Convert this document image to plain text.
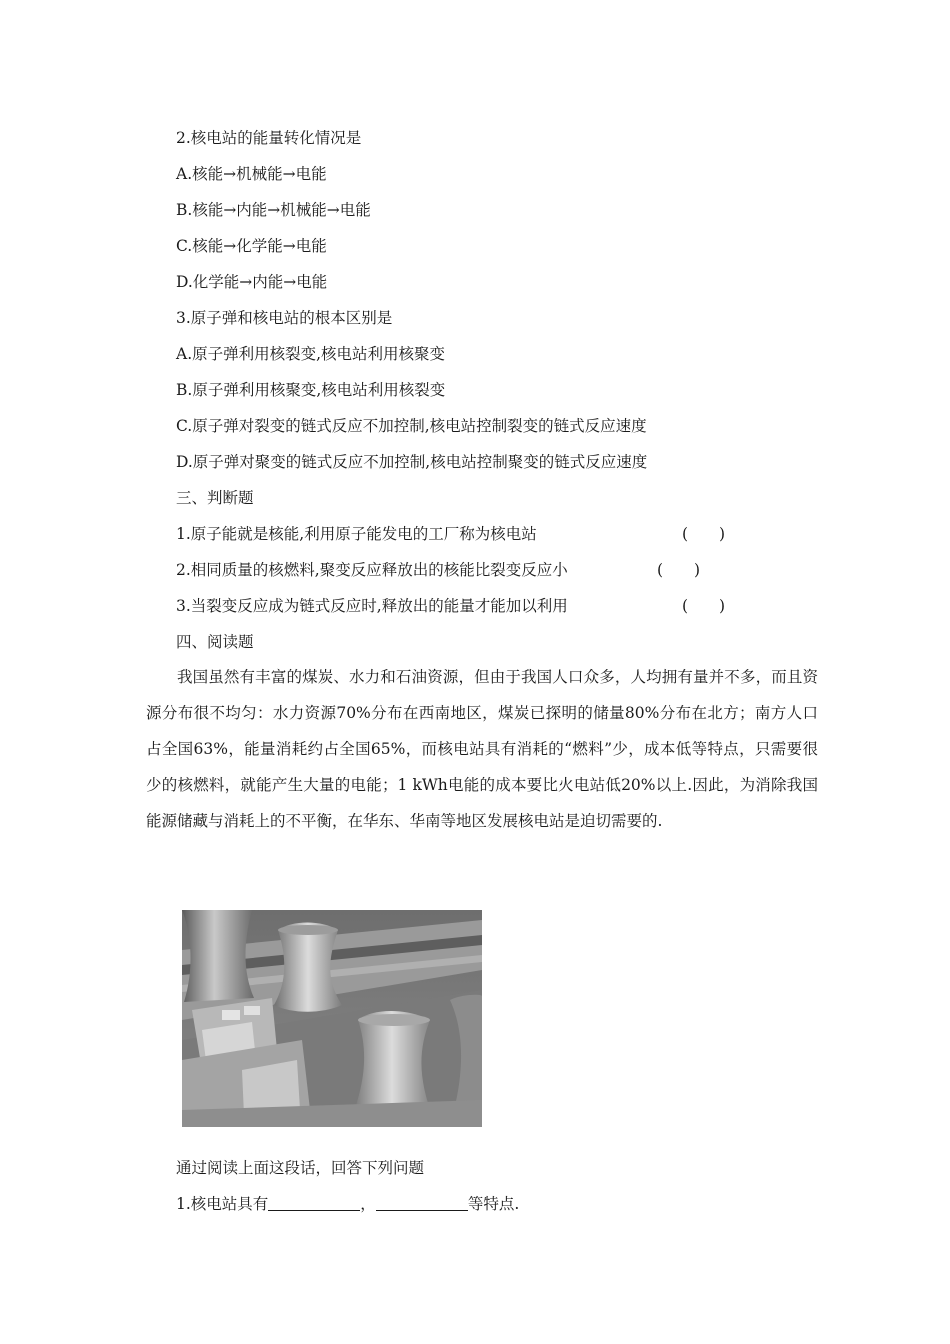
2.核电站的能量转化情况是
A.核能→机械能→电能
B.核能→内能→机械能→电能
C.核能→化学能→电能
D.化学能→内能→电能
3.原子弹和核电站的根本区别是
A.原子弹利用核裂变,核电站利用核聚变
B.原子弹利用核聚变,核电站利用核裂变
C.原子弹对裂变的链式反应不加控制,核电站控制裂变的链式反应速度
D.原子弹对聚变的链式反应不加控制,核电站控制聚变的链式反应速度
三、判断题
1.原子能就是核能,利用原子能发电的工厂称为核电站	(　　)
2.相同质量的核燃料,聚变反应释放出的核能比裂变反应小	(　　)
3.当裂变反应成为链式反应时,释放出的能量才能加以利用	(　　)
四、阅读题
我国虽然有丰富的煤炭、水力和石油资源，但由于我国人口众多，人均拥有量并不多，而且资源分布很不均匀：水力资源70%分布在西南地区，煤炭已探明的储量80%分布在北方；南方人口占全国63%，能量消耗约占全国65%，而核电站具有消耗的“燃料”少，成本低等特点，只需要很少的核燃料，就能产生大量的电能；1 kWh电能的成本要比火电站低20%以上.因此，为消除我国能源储藏与消耗上的不平衡，在华东、华南等地区发展核电站是迫切需要的.
通过阅读上面这段话，回答下列问题
1.核电站具有	，	等特点.
